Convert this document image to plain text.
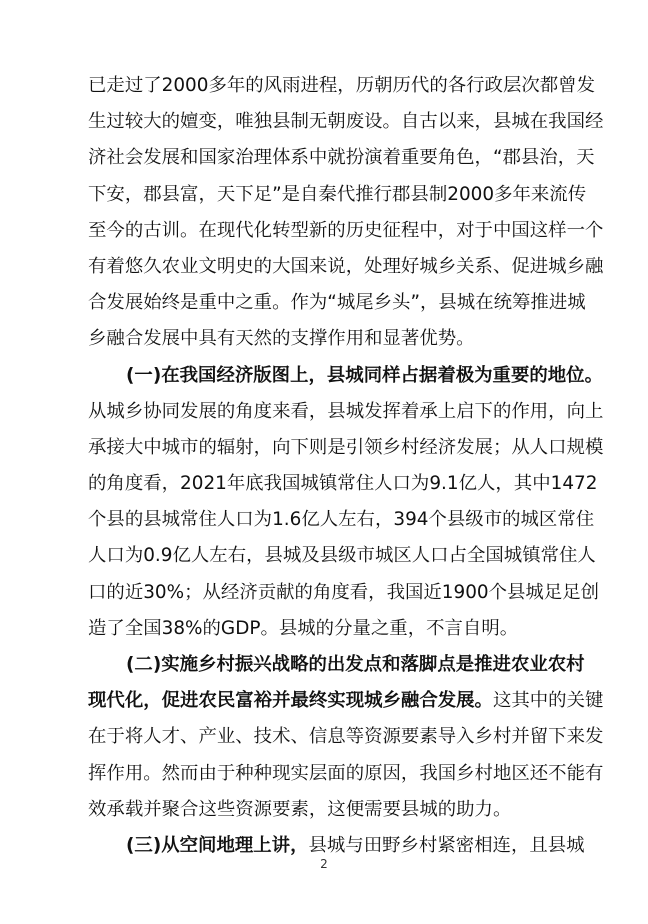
已 走 过 了 2 0 0 0 多 年 的 风 雨 进 程 ， 历 朝 历 代 的 各 行 政 层 次 都 曾 发
生 过 较 大 的 嬗 变 ， 唯 独 县 制 无 朝 废 设 。 自 古 以 来 ， 县 城 在 我 国 经
济 社 会 发 展 和 国 家 治 理 体 系 中 就 扮 演 着 重 要 角 色 ， “ 郡 县 治 ， 天
下 安 ， 郡 县 富 ， 天 下 足 ” 是 自 秦 代 推 行 郡 县 制 2 0 0 0 多 年 来 流 传
至 今 的 古 训 。 在 现 代 化 转 型 新 的 历 史 征 程 中 ， 对 于 中 国 这 样 一 个
有 着 悠 久 农 业 文 明 史 的 大 国 来 说 ， 处 理 好 城 乡 关 系 、 促 进 城 乡 融
合 发 展 始 终 是 重 中 之 重 。 作 为 “ 城 尾 乡 头 ” ， 县 城 在 统 筹 推 进 城
乡 融 合 发 展 中 具 有 天 然 的 支 撑 作 用 和 显 著 优 势 。
( 一 ) 在 我 国 经 济 版 图 上 ， 县 城 同 样 占 据 着 极 为 重 要 的 地 位 。
从 城 乡 协 同 发 展 的 角 度 来 看 ， 县 城 发 挥 着 承 上 启 下 的 作 用 ， 向 上
承 接 大 中 城 市 的 辐 射 ， 向 下 则 是 引 领 乡 村 经 济 发 展 ； 从 人 口 规 模
的 角 度 看 ， 2 0 2 1 年 底 我 国 城 镇 常 住 人 口 为 9 . 1 亿 人 ， 其 中 1 4 7 2
个 县 的 县 城 常 住 人 口 为 1 . 6 亿 人 左 右 ， 3 9 4 个 县 级 市 的 城 区 常 住
人 口 为 0 . 9 亿 人 左 右 ， 县 城 及 县 级 市 城 区 人 口 占 全 国 城 镇 常 住 人
口 的 近 3 0 % ； 从 经 济 贡 献 的 角 度 看 ， 我 国 近 1 9 0 0 个 县 城 足 足 创
造 了 全 国 3 8 % 的 G D P 。 县 城 的 分 量 之 重 ， 不 言 自 明 。
( 二 ) 实 施 乡 村 振 兴 战 略 的 出 发 点 和 落 脚 点 是 推 进 农 业 农 村
现 代 化 ， 促 进 农 民 富 裕 并 最 终 实 现 城 乡 融 合 发 展 。 这 其 中 的 关 键
在 于 将 人 才 、 产 业 、 技 术 、 信 息 等 资 源 要 素 导 入 乡 村 并 留 下 来 发
挥 作 用 。 然 而 由 于 种 种 现 实 层 面 的 原 因 ， 我 国 乡 村 地 区 还 不 能 有
效 承 载 并 聚 合 这 些 资 源 要 素 ， 这 便 需 要 县 城 的 助 力 。
( 三 ) 从 空 间 地 理 上 讲 ， 县 城 与 田 野 乡 村 紧 密 相 连 ， 且 县 城
2
